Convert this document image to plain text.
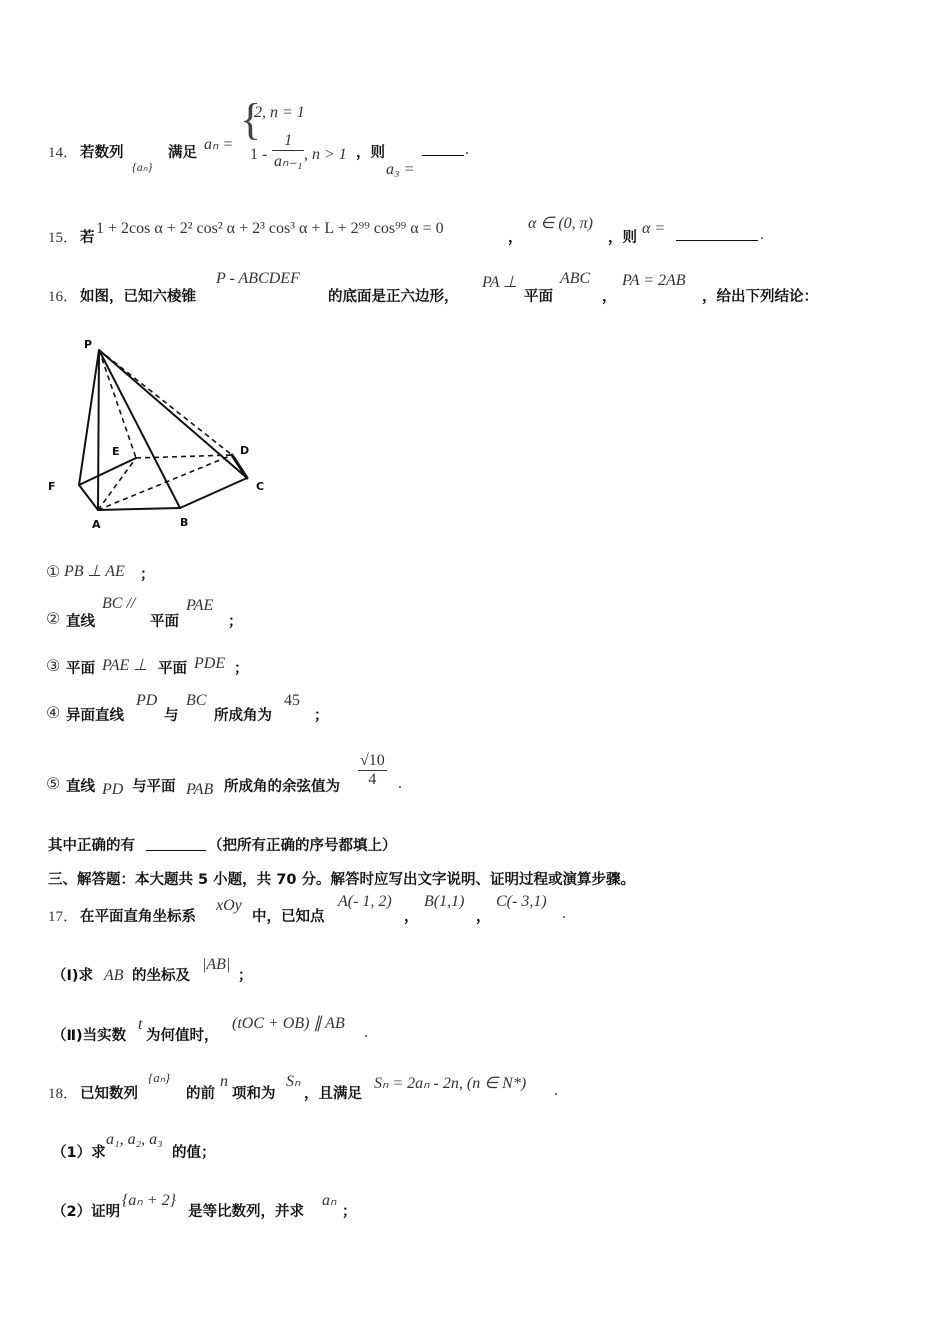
14． 若数列
{aₙ}
满足 aₙ =
{
2, n = 1
$1 - \frac{1}{\text{aₙ₋₁}}$ , n > 1 ，则
a₃ =
.
15． 若
1 + 2cos α + 2² cos² α + 2³ cos³ α + L + 2⁹⁹ cos⁹⁹ α = 0
，
α ∈ (0, π)
，则
α =	.
16． 如图，已知六棱锥
P - ABCDEF
的底面是正六边形，
PA ⊥
平面
ABC
，
PA = 2AB
，给出下列结论：
P
E	D
F	C
A	B
① PB ⊥ AE ；
② 直线
BC //
平面
PAE
；
③ 平面 PAE ⊥ 平面 PDE ；
④ 异面直线
PD
与
BC
所成角为
45
；
⑤ 直线 PD 与平面 PAB 所成角的余弦值为 $\frac{√10}{4}$ .
其中正确的有	（把所有正确的序号都填上）
三、解答题：本大题共 5 小题，共 70 分。解答时应写出文字说明、证明过程或演算步骤。
17． 在平面直角坐标系
xOy
中，已知点
A(- 1, 2)
，
B(1,1)
，
C(- 3,1)
.
（Ⅰ)求 AB 的坐标及
|AB|
；
（Ⅱ)当实数
t
为何值时，
(tOC + OB) ∥ AB
.
18． 已知数列
{aₙ}
的前
n
项和为
Sₙ
，且满足
Sₙ = 2aₙ - 2n, (n ∈ N*) .
（1）求
a₁, a₂, a₃
的值；
（2）证明
{aₙ + 2}
是等比数列，并求
aₙ
；
